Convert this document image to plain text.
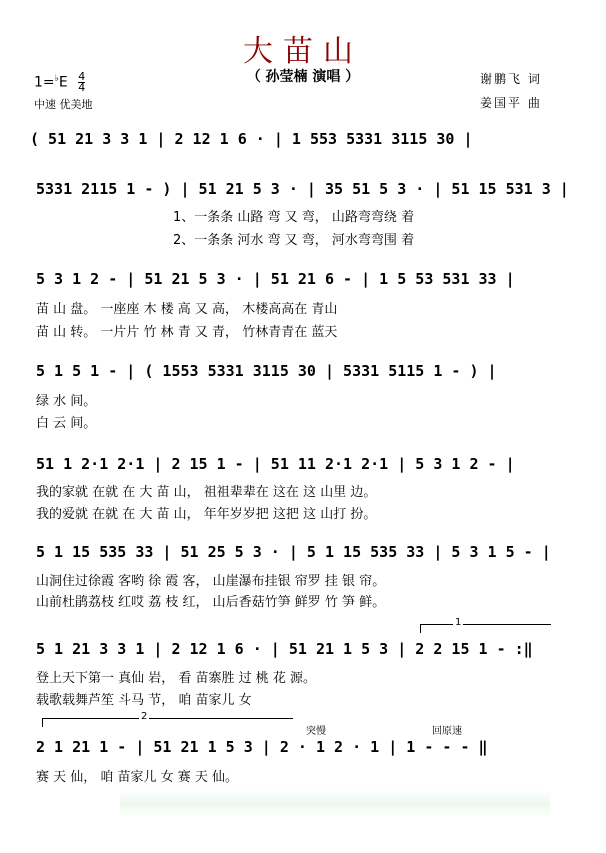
大苗山
（ 孙莹楠 演唱 ）
$1=^♭E \frac{4}{4}$
中速 优美地
谢鹏飞 词
姜国平 曲
( 51 21 3 3 1 | 2 12 1 6 · | 1 553 5331 3115 30 |
5331 2115 1 - ) | 51 21 5 3 · | 35 51 5 3 · | 51 15 531 3 |
1、一条条 山路 弯 又 弯， 山路弯弯绕 着
2、一条条 河水 弯 又 弯， 河水弯弯围 着
5 3 1 2 - | 51 21 5 3 · | 51 21 6 - | 1 5 53 531 33 |
苗 山 盘。 一座座 木 楼 高 又 高， 木楼高高在 青山
苗 山 转。 一片片 竹 林 青 又 青， 竹林青青在 蓝天
5 1 5 1 - | ( 1553 5331 3115 30 | 5331 5115 1 - ) |
绿 水 间。
白 云 间。
51 1 2·1 2·1 | 2 15 1 - | 51 11 2·1 2·1 | 5 3 1 2 - |
我的家就 在就 在 大 苗 山， 祖祖辈辈在 这在 这 山里 边。
我的爱就 在就 在 大 苗 山， 年年岁岁把 这把 这 山打 扮。
5 1 15 535 33 | 51 25 5 3 · | 5 1 15 535 33 | 5 3 1 5 - |
山洞住过徐霞 客哟 徐 霞 客， 山崖瀑布挂银 帘罗 挂 银 帘。
山前杜鹃荔枝 红哎 荔 枝 红， 山后香菇竹笋 鲜罗 竹 笋 鲜。
1
5 1 21 3 3 1 | 2 12 1 6 · | 51 21 1 5 3 | 2 2 15 1 - :‖
登上天下第一 真仙 岩， 看 苗寨胜 过 桃 花 源。
载歌载舞芦笙 斗马 节， 咱 苗家儿 女
2
突慢	回原速
2 1 21 1 - | 51 21 1 5 3 | 2 · 1 2 · 1 | 1 - - - ‖
赛 天 仙， 咱 苗家儿 女 赛 天 仙。
